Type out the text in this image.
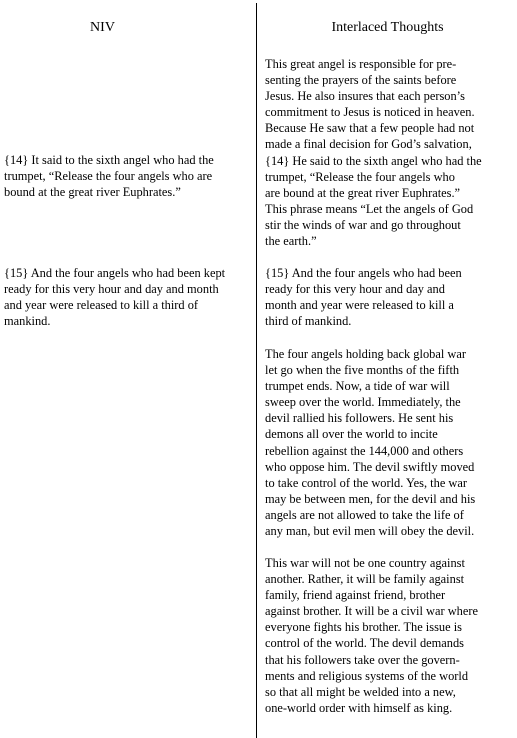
NIV	Interlaced Thoughts
{14} It said to the sixth angel who had the
trumpet, “Release the four angels who are
bound at the great river Euphrates.”
{15} And the four angels who had been kept
ready for this very hour and day and month
and year were released to kill a third of
mankind.
This great angel is responsible for pre-
senting the prayers of the saints before
Jesus. He also insures that each person’s
commitment to Jesus is noticed in heaven.
Because He saw that a few people had not
made a final decision for God’s salvation,
{14} He said to the sixth angel who had the
trumpet, “Release the four angels who
are bound at the great river Euphrates.”
This phrase means “Let the angels of God
stir the winds of war and go throughout
the earth.”
{15} And the four angels who had been
ready for this very hour and day and
month and year were released to kill a
third of mankind.
The four angels holding back global war
let go when the five months of the fifth
trumpet ends. Now, a tide of war will
sweep over the world. Immediately, the
devil rallied his followers. He sent his
demons all over the world to incite
rebellion against the 144,000 and others
who oppose him. The devil swiftly moved
to take control of the world. Yes, the war
may be between men, for the devil and his
angels are not allowed to take the life of
any man, but evil men will obey the devil.
This war will not be one country against
another. Rather, it will be family against
family, friend against friend, brother
against brother. It will be a civil war where
everyone fights his brother. The issue is
control of the world. The devil demands
that his followers take over the govern-
ments and religious systems of the world
so that all might be welded into a new,
one-world order with himself as king.
